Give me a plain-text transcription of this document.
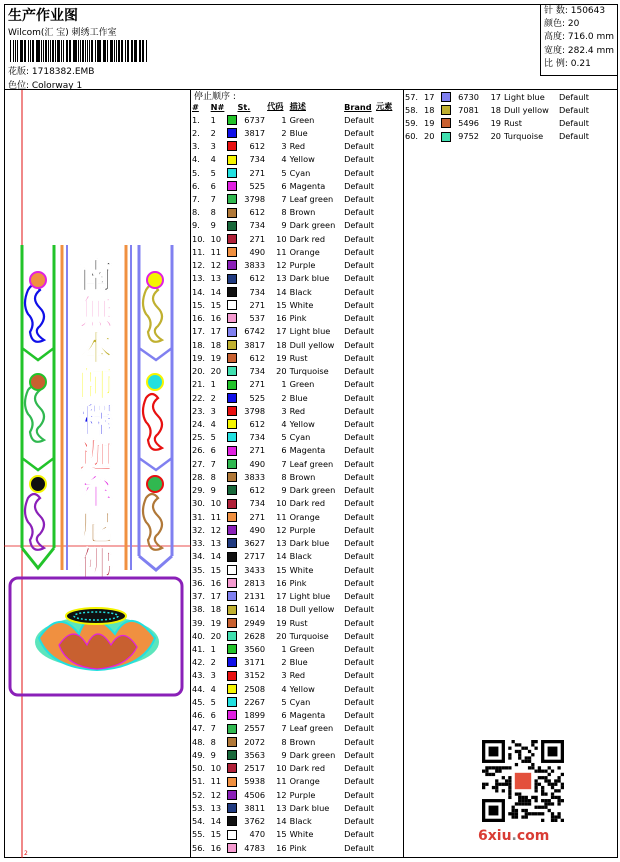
生产作业图
Wilcom(汇 宝) 刺绣工作室
花版: 1718382.EMB
色位: Colorway 1
针 数: 150643
颜色: 20
高度: 716.0 mm
宽度: 282.4 mm
比 例: 0.21
2
南
無
本
師
釋
迦
牟
尼
佛
停止顺序 :
#	N#		St.	代码	描述	Brand	元素
1.	1		6737	1	Green	Default	
2.	2		3817	2	Blue	Default	
3.	3		612	3	Red	Default	
4.	4		734	4	Yellow	Default	
5.	5		271	5	Cyan	Default	
6.	6		525	6	Magenta	Default	
7.	7		3798	7	Leaf green	Default	
8.	8		612	8	Brown	Default	
9.	9		734	9	Dark green	Default	
10.	10		271	10	Dark red	Default	
11.	11		490	11	Orange	Default	
12.	12		3833	12	Purple	Default	
13.	13		612	13	Dark blue	Default	
14.	14		734	14	Black	Default	
15.	15		271	15	White	Default	
16.	16		537	16	Pink	Default	
17.	17		6742	17	Light blue	Default	
18.	18		3817	18	Dull yellow	Default	
19.	19		612	19	Rust	Default	
20.	20		734	20	Turquoise	Default	
21.	1		271	1	Green	Default	
22.	2		525	2	Blue	Default	
23.	3		3798	3	Red	Default	
24.	4		612	4	Yellow	Default	
25.	5		734	5	Cyan	Default	
26.	6		271	6	Magenta	Default	
27.	7		490	7	Leaf green	Default	
28.	8		3833	8	Brown	Default	
29.	9		612	9	Dark green	Default	
30.	10		734	10	Dark red	Default	
31.	11		271	11	Orange	Default	
32.	12		490	12	Purple	Default	
33.	13		3627	13	Dark blue	Default	
34.	14		2717	14	Black	Default	
35.	15		3433	15	White	Default	
36.	16		2813	16	Pink	Default	
37.	17		2131	17	Light blue	Default	
38.	18		1614	18	Dull yellow	Default	
39.	19		2949	19	Rust	Default	
40.	20		2628	20	Turquoise	Default	
41.	1		3560	1	Green	Default	
42.	2		3171	2	Blue	Default	
43.	3		3152	3	Red	Default	
44.	4		2508	4	Yellow	Default	
45.	5		2267	5	Cyan	Default	
46.	6		1899	6	Magenta	Default	
47.	7		2557	7	Leaf green	Default	
48.	8		2072	8	Brown	Default	
49.	9		3563	9	Dark green	Default	
50.	10		2517	10	Dark red	Default	
51.	11		5938	11	Orange	Default	
52.	12		4506	12	Purple	Default	
53.	13		3811	13	Dark blue	Default	
54.	14		3762	14	Black	Default	
55.	15		470	15	White	Default	
56.	16		4783	16	Pink	Default	
57.	17		6730	17	Light blue	Default	
58.	18		7081	18	Dull yellow	Default	
59.	19		5496	19	Rust	Default	
60.	20		9752	20	Turquoise	Default	
6xiu.com
